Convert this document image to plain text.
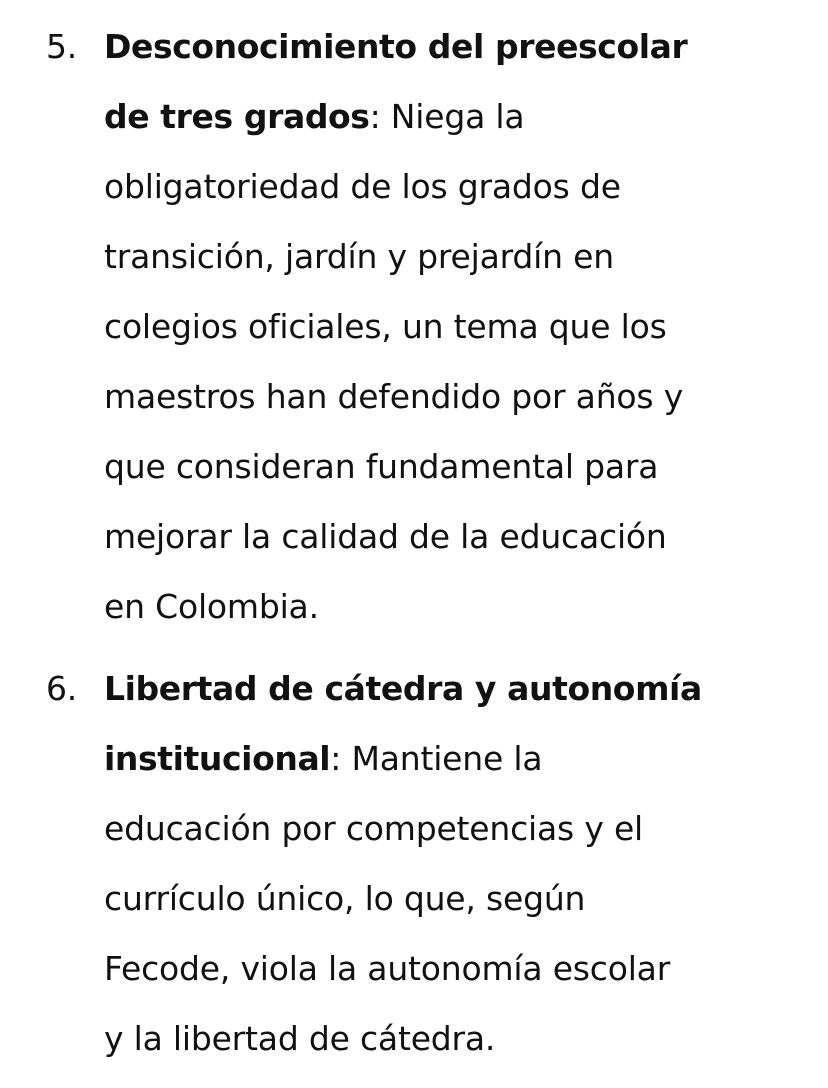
5. Desconocimiento del preescolar
de tres grados: Niega la
obligatoriedad de los grados de
transición, jardín y prejardín en
colegios oficiales, un tema que los
maestros han defendido por años y
que consideran fundamental para
mejorar la calidad de la educación
en Colombia.

6. Libertad de cátedra y autonomía
institucional: Mantiene la
educación por competencias y el
currículo único, lo que, según
Fecode, viola la autonomía escolar
y la libertad de cátedra.
